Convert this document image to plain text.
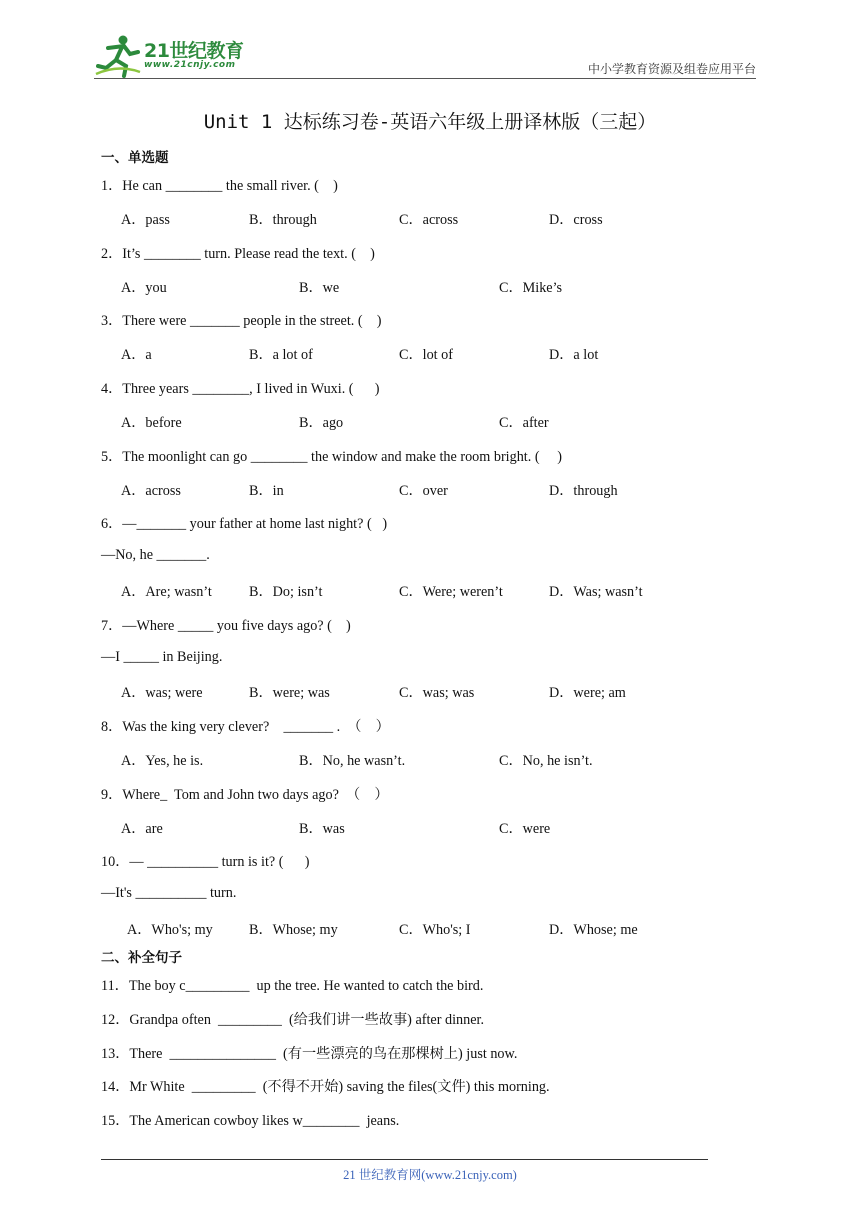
21世纪教育
www.21cnjy.com	中小学教育资源及组卷应用平台
Unit 1 达标练习卷-英语六年级上册译林版（三起）
一、单选题
1．He can ________ the small river. (    )
A．pass	B．through	C．across	D．cross
2．It’s ________ turn. Please read the text. (    )
A．you	B．we	C．Mike’s
3．There were _______ people in the street. (    )
A．a	B．a lot of	C．lot of	D．a lot
4．Three years ________, I lived in Wuxi. (      )
A．before	B．ago	C．after
5．The moonlight can go ________ the window and make the room bright. (     )
A．across	B．in	C．over	D．through
6．—_______ your father at home last night? (   )
—No, he _______.
A．Are; wasn’t	B．Do; isn’t	C．Were; weren’t	D．Was; wasn’t
7．—Where _____ you five days ago? (    )
—I _____ in Beijing.
A．was; were	B．were; was	C．was; was	D．were; am
8．Was the king very clever?    _______ .  （    ）
A．Yes, he is.	B．No, he wasn’t.	C．No, he isn’t.
9．Where_  Tom and John two days ago?  （    ）
A．are	B．was	C．were
10．— __________ turn is it? (      )
—It's __________ turn.
A．Who's; my	B．Whose; my	C．Who's; I	D．Whose; me
二、补全句子
11．The boy c_________  up the tree. He wanted to catch the bird.
12．Grandpa often  _________  (给我们讲一些故事) after dinner.
13．There  _______________  (有一些漂亮的鸟在那棵树上) just now.
14．Mr White  _________  (不得不开始) saving the files(文件) this morning.
15．The American cowboy likes w________  jeans.
21 世纪教育网(www.21cnjy.com)
